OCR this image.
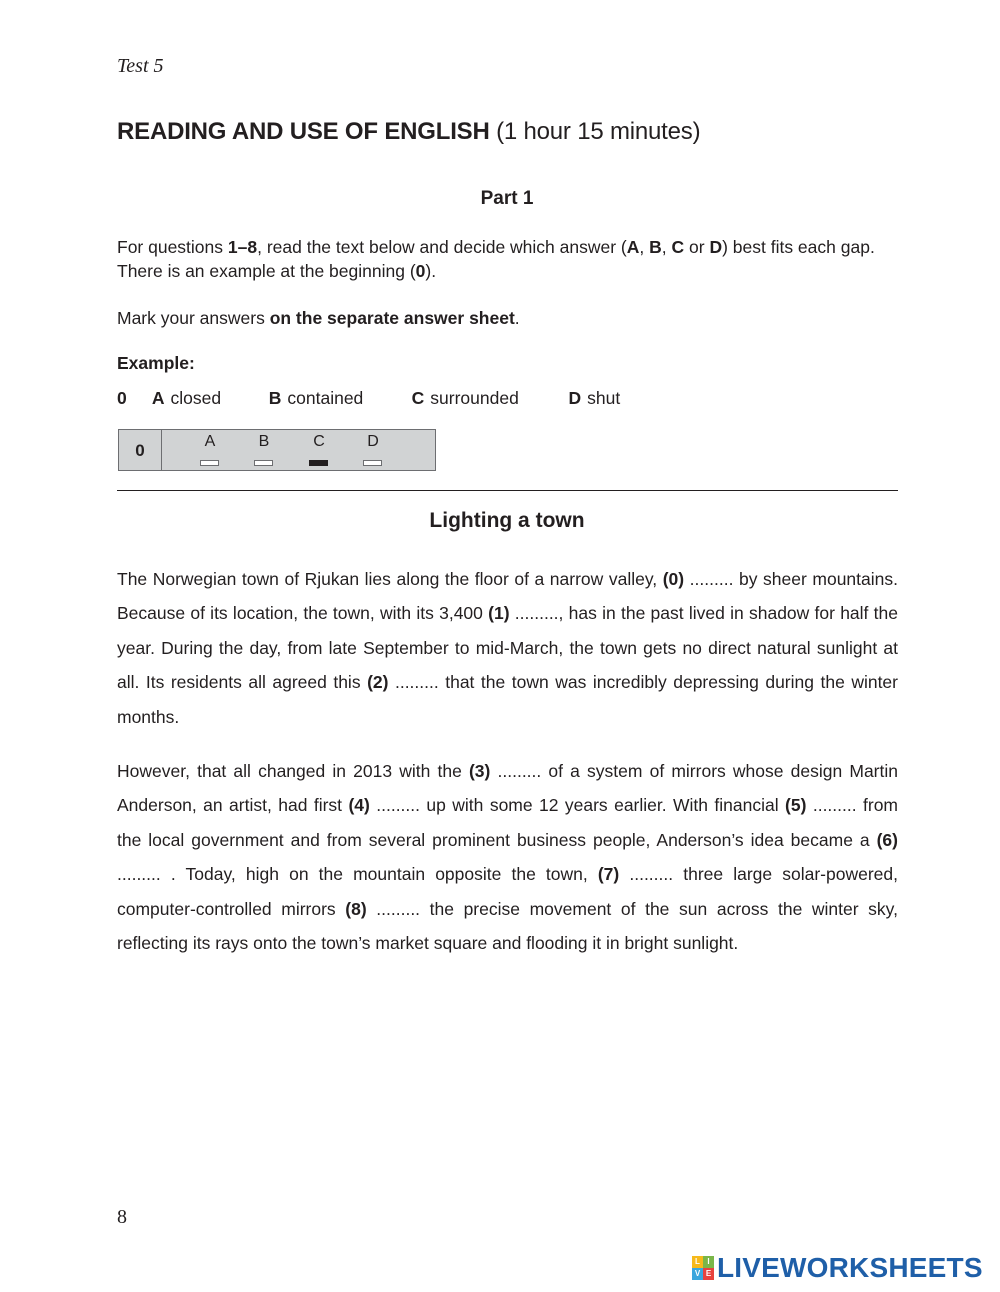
Test 5
READING AND USE OF ENGLISH (1 hour 15 minutes)
Part 1
For questions 1–8, read the text below and decide which answer (A, B, C or D) best fits each gap. There is an example at the beginning (0).
Mark your answers on the separate answer sheet.
Example:
0 A closed	B contained	C surrounded	D shut
0	A	B	C	D
Lighting a town

The Norwegian town of Rjukan lies along the floor of a narrow valley, (0) ......... by sheer mountains. Because of its location, the town, with its 3,400 (1) ........., has in the past lived in shadow for half the year. During the day, from late September to mid-March, the town gets no direct natural sunlight at all. Its residents all agreed this (2) ......... that the town was incredibly depressing during the winter months.

However, that all changed in 2013 with the (3) ......... of a system of mirrors whose design Martin Anderson, an artist, had first (4) ......... up with some 12 years earlier. With financial (5) ......... from the local government and from several prominent business people, Anderson’s idea became a (6) ......... . Today, high on the mountain opposite the town, (7) ......... three large solar-powered, computer-controlled mirrors (8) ......... the precise movement of the sun across the winter sky, reflecting its rays onto the town’s market square and flooding it in bright sunlight.

8
L I
V E LIVEWORKSHEETS
